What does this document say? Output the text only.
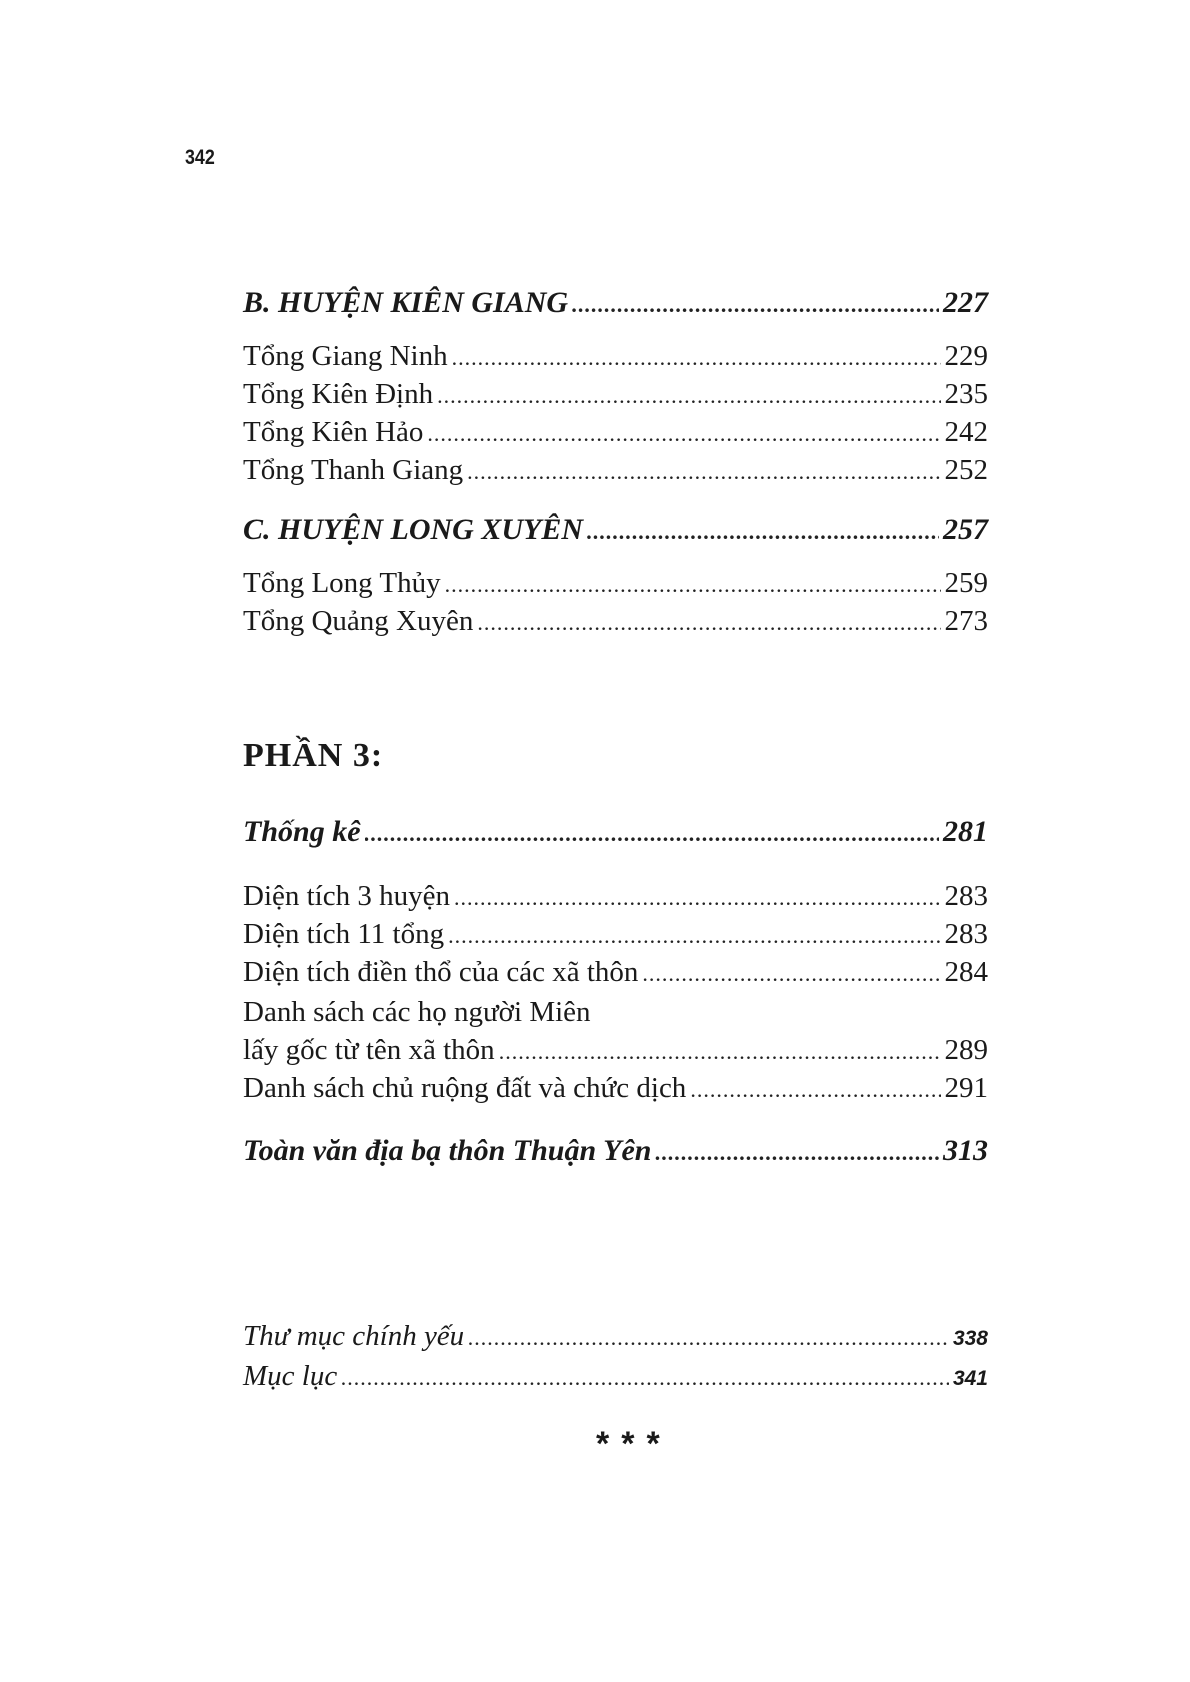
342
B. HUYỆN KIÊN GIANG .....	227
Tổng Giang Ninh .....	229
Tổng Kiên Định .....	235
Tổng Kiên Hảo .....	242
Tổng Thanh Giang .....	252
C. HUYỆN LONG XUYÊN .....	257
Tổng Long Thủy .....	259
Tổng Quảng Xuyên .....	273
PHẦN 3:
Thống kê .....	281
Diện tích 3 huyện .....	283
Diện tích 11 tổng .....	283
Diện tích điền thổ của các xã thôn .....	284
Danh sách các họ người Miên
lấy gốc từ tên xã thôn .....	289
Danh sách chủ ruộng đất và chức dịch .....	291
Toàn văn địa bạ thôn Thuận Yên .....	313
Thư mục chính yếu .....	338
Mục lục .....	341
***
